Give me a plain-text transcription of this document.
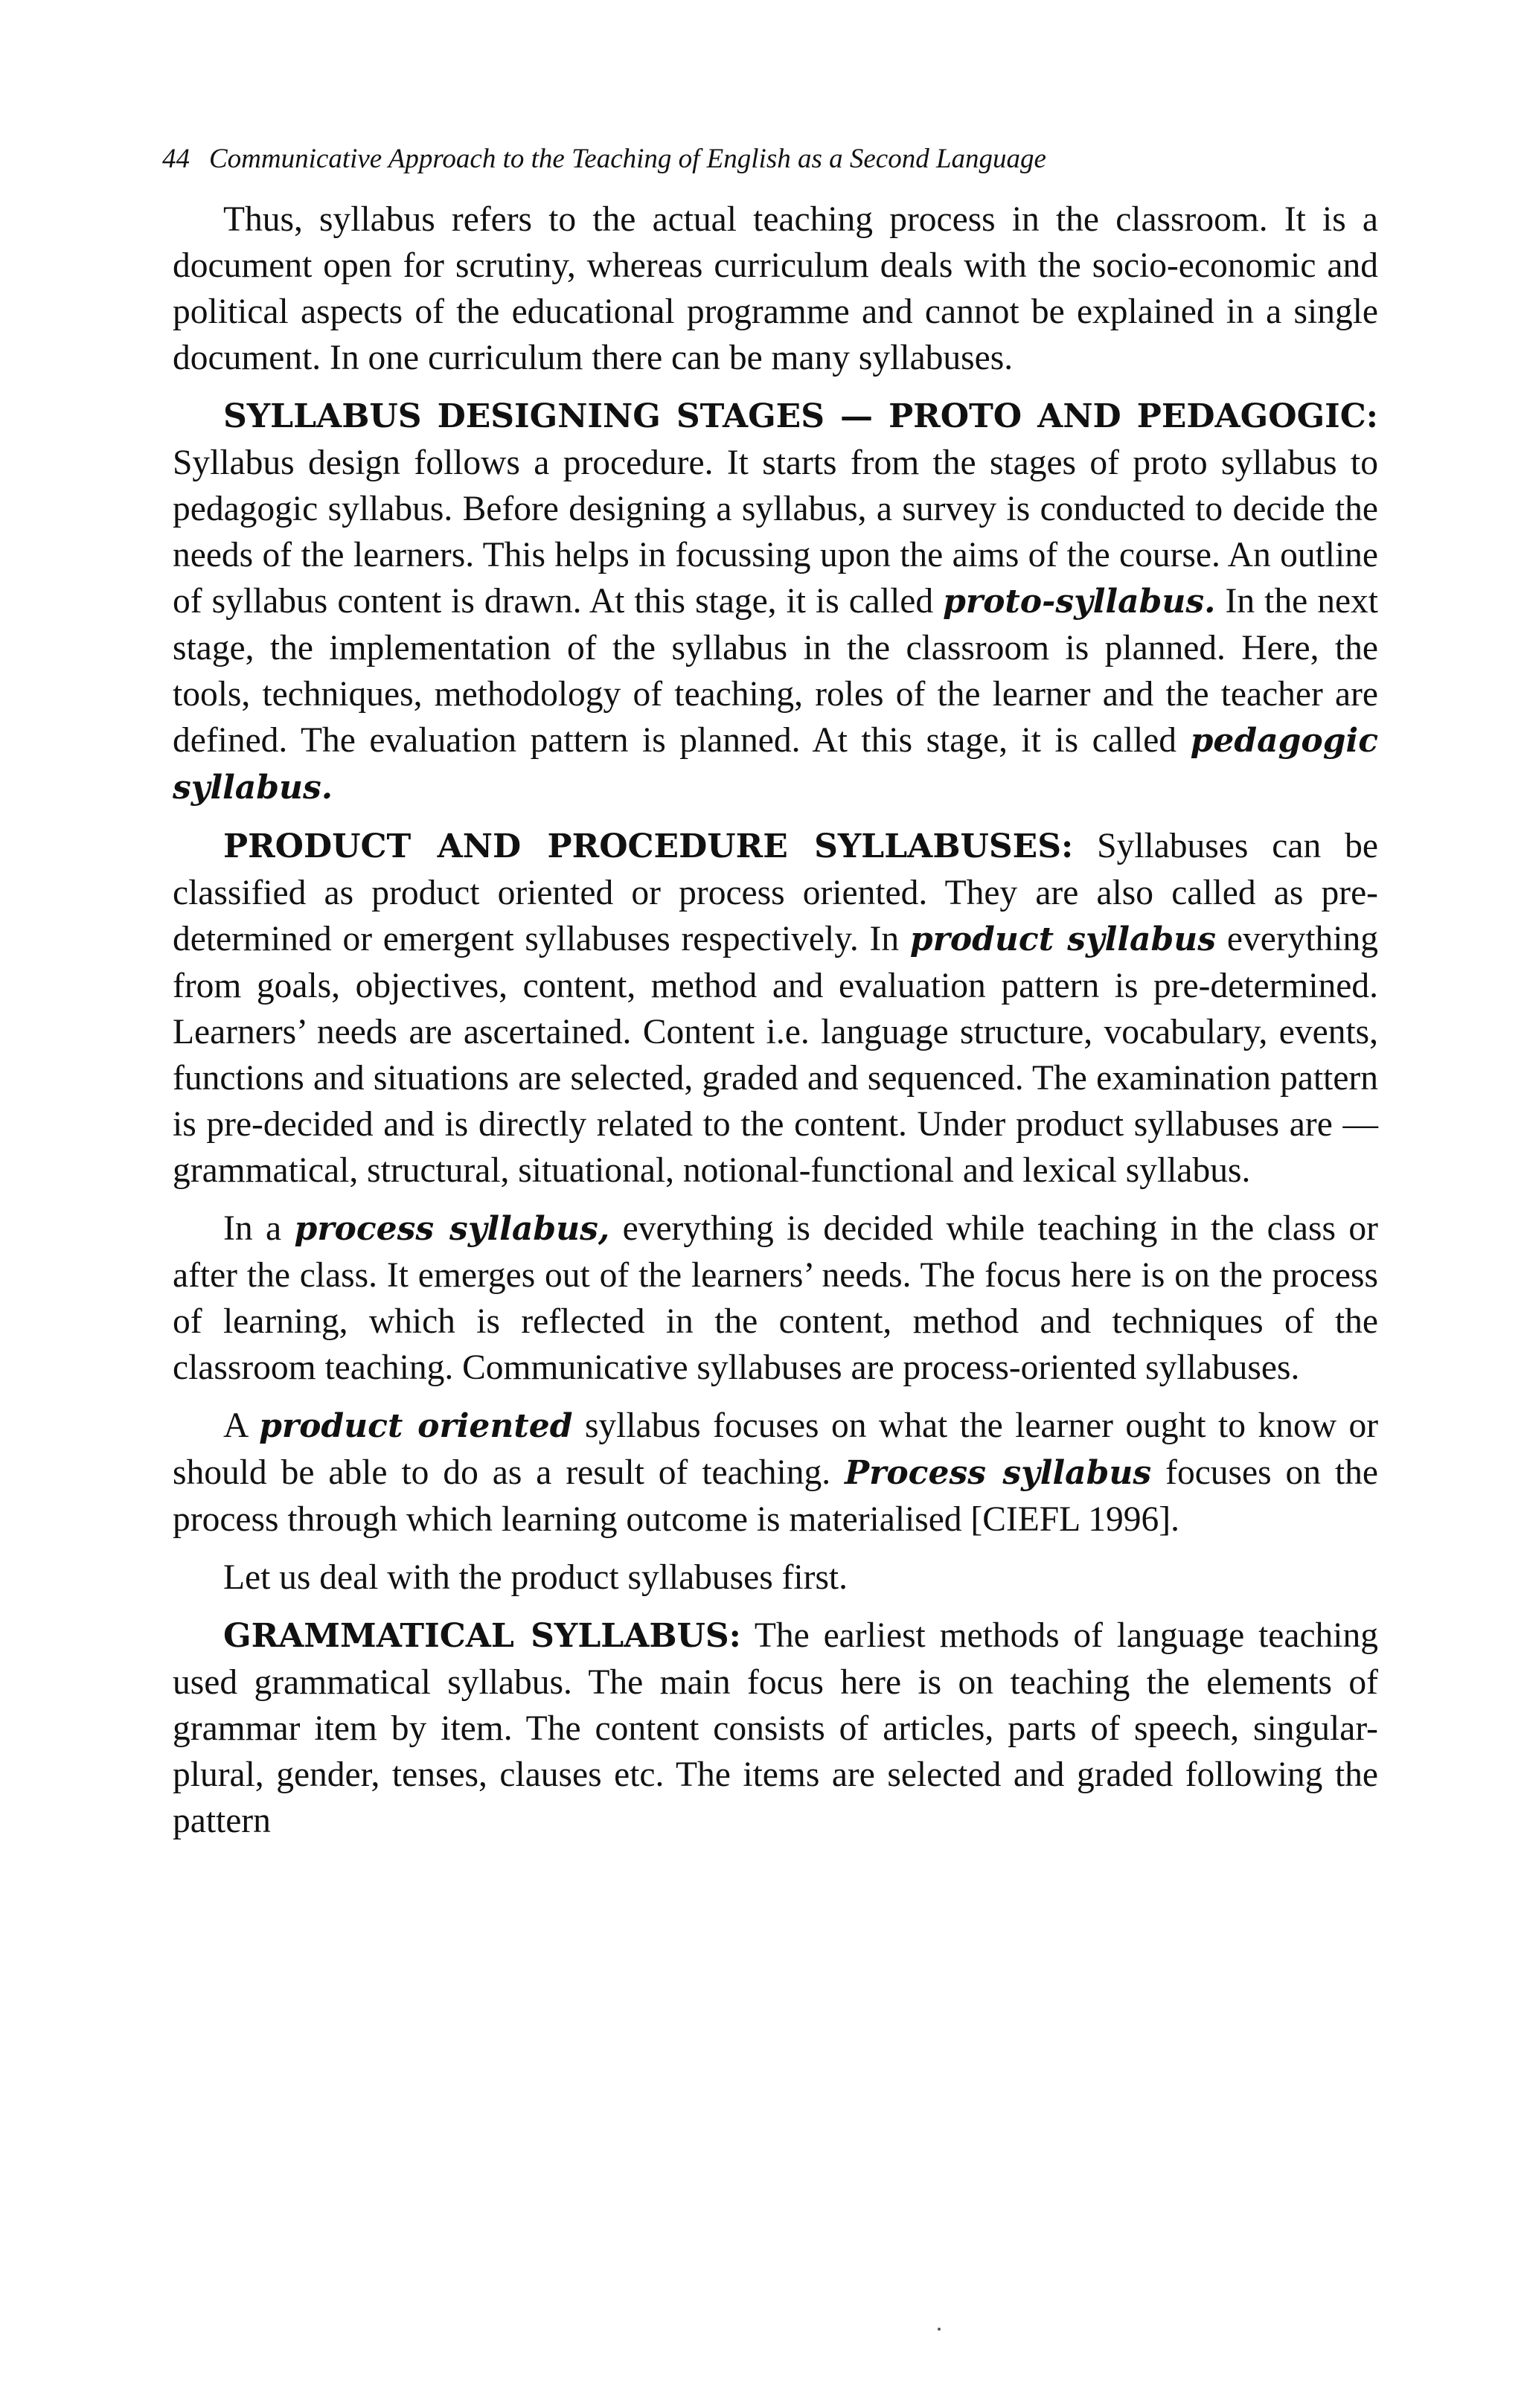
44 Communicative Approach to the Teaching of English as a Second Language

Thus, syllabus refers to the actual teaching process in the classroom. It is a document open for scrutiny, whereas curriculum deals with the socio-economic and political aspects of the educational programme and cannot be explained in a single document. In one curriculum there can be many syllabuses.

SYLLABUS DESIGNING STAGES — PROTO AND PEDAGOGIC: Syllabus design follows a procedure. It starts from the stages of proto syllabus to pedagogic syllabus. Before designing a syllabus, a survey is conducted to decide the needs of the learners. This helps in focussing upon the aims of the course. An outline of syllabus content is drawn. At this stage, it is called proto-syllabus. In the next stage, the implementation of the syllabus in the classroom is planned. Here, the tools, techniques, methodology of teaching, roles of the learner and the teacher are defined. The evaluation pattern is planned. At this stage, it is called pedagogic syllabus.

PRODUCT AND PROCEDURE SYLLABUSES: Syllabuses can be classified as product oriented or process oriented. They are also called as pre-determined or emergent syllabuses respectively. In product syllabus everything from goals, objectives, content, method and evaluation pattern is pre-determined. Learners’ needs are ascertained. Content i.e. language structure, vocabulary, events, functions and situations are selected, graded and sequenced. The examination pattern is pre-decided and is directly related to the content. Under product syllabuses are — grammatical, structural, situational, notional-functional and lexical syllabus.

In a process syllabus, everything is decided while teaching in the class or after the class. It emerges out of the learners’ needs. The focus here is on the process of learning, which is reflected in the content, method and techniques of the classroom teaching. Communicative syllabuses are process-oriented syllabuses.

A product oriented syllabus focuses on what the learner ought to know or should be able to do as a result of teaching. Process syllabus focuses on the process through which learning outcome is materialised [CIEFL 1996].

Let us deal with the product syllabuses first.

GRAMMATICAL SYLLABUS: The earliest methods of language teaching used grammatical syllabus. The main focus here is on teaching the elements of grammar item by item. The content consists of articles, parts of speech, singular-plural, gender, tenses, clauses etc. The items are selected and graded following the pattern
